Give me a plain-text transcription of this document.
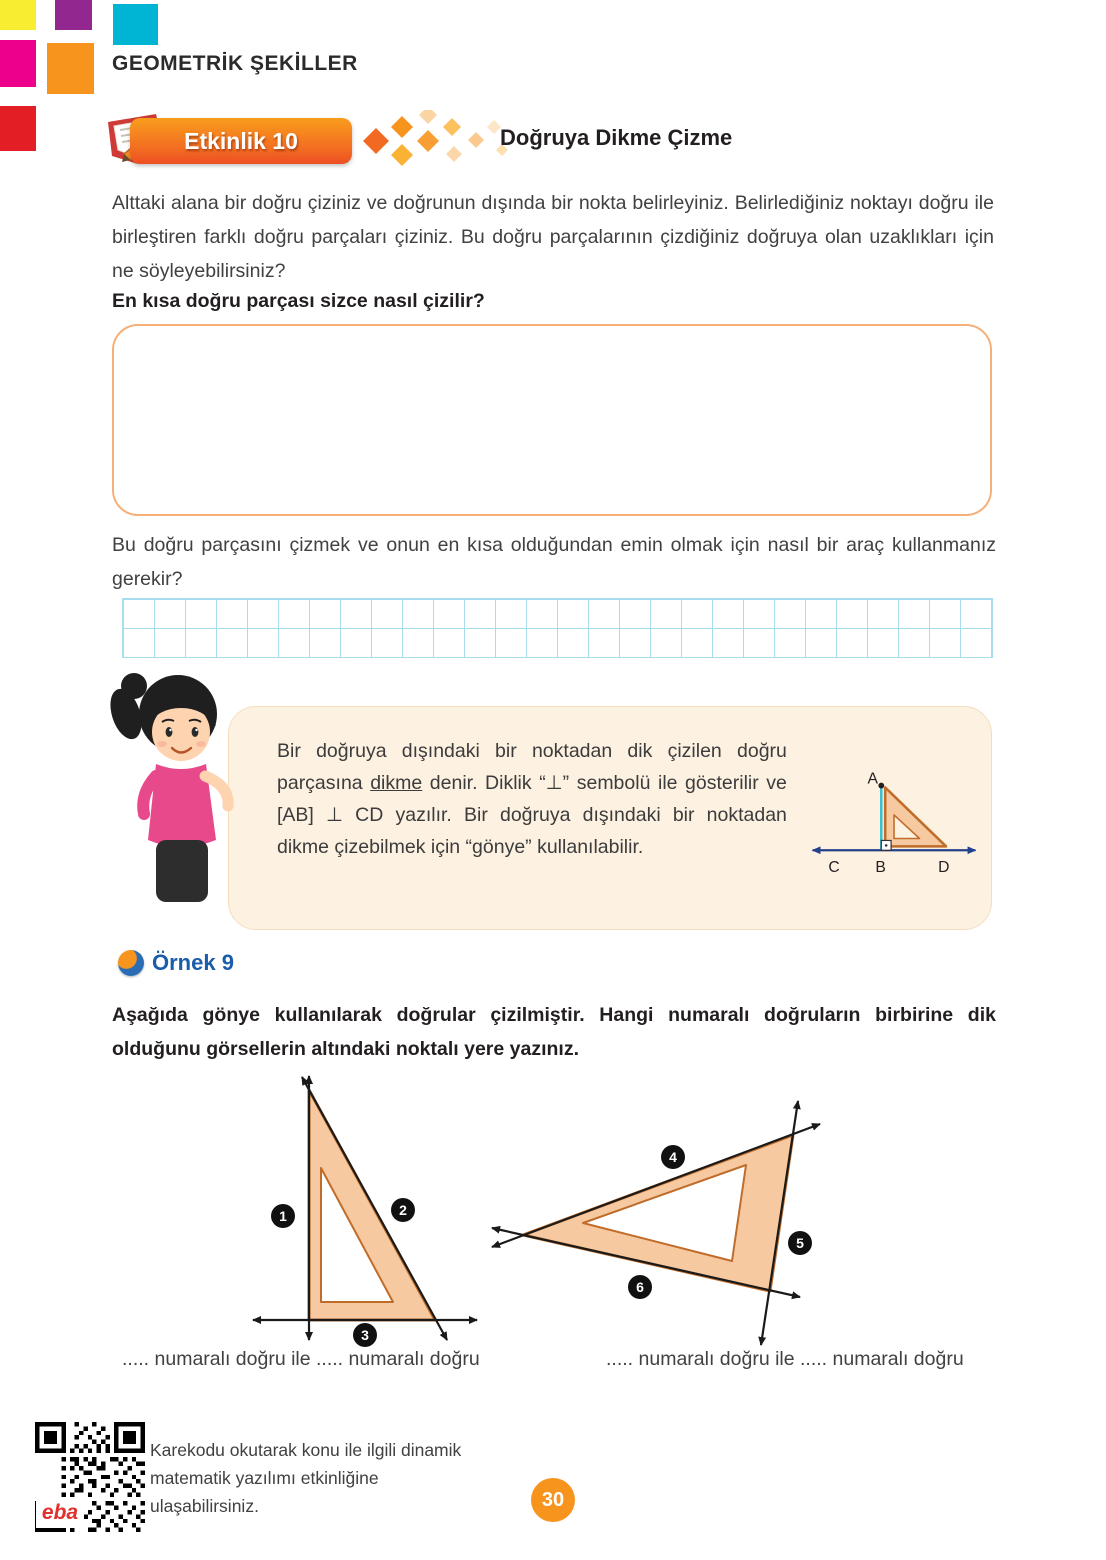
GEOMETRİK ŞEKİLLER
Etkinlik 10	Doğruya Dikme Çizme
Alttaki alana bir doğru çiziniz ve doğrunun dışında bir nokta belirleyiniz. Belirlediğiniz noktayı doğru ile birleştiren farklı doğru parçaları çiziniz. Bu doğru parçalarının çizdiğiniz doğruya olan uzaklıkları için ne söyleyebilirsiniz?
En kısa doğru parçası sizce nasıl çizilir?
Bu doğru parçasını çizmek ve onun en kısa olduğundan emin olmak için nasıl bir araç kullanmanız gerekir?
Bir doğruya dışındaki bir noktadan dik çizilen doğru parçasına dikme denir. Diklik “⊥” sembolü ile gösterilir ve [AB] ⊥ CD yazılır. Bir doğruya dışındaki bir noktadan dikme çizebilmek için “gönye” kullanılabilir.
A
C B	D
Örnek 9
Aşağıda gönye kullanılarak doğrular çizilmiştir. Hangi numaralı doğruların birbirine dik olduğunu görsellerin altındaki noktalı yere yazınız.
1	2
3
4
5
6
..... numaralı doğru ile ..... numaralı doğru	..... numaralı doğru ile ..... numaralı doğru
eba
Karekodu okutarak konu ile ilgili dinamik matematik yazılımı etkinliğine ulaşabilirsiniz.	30
